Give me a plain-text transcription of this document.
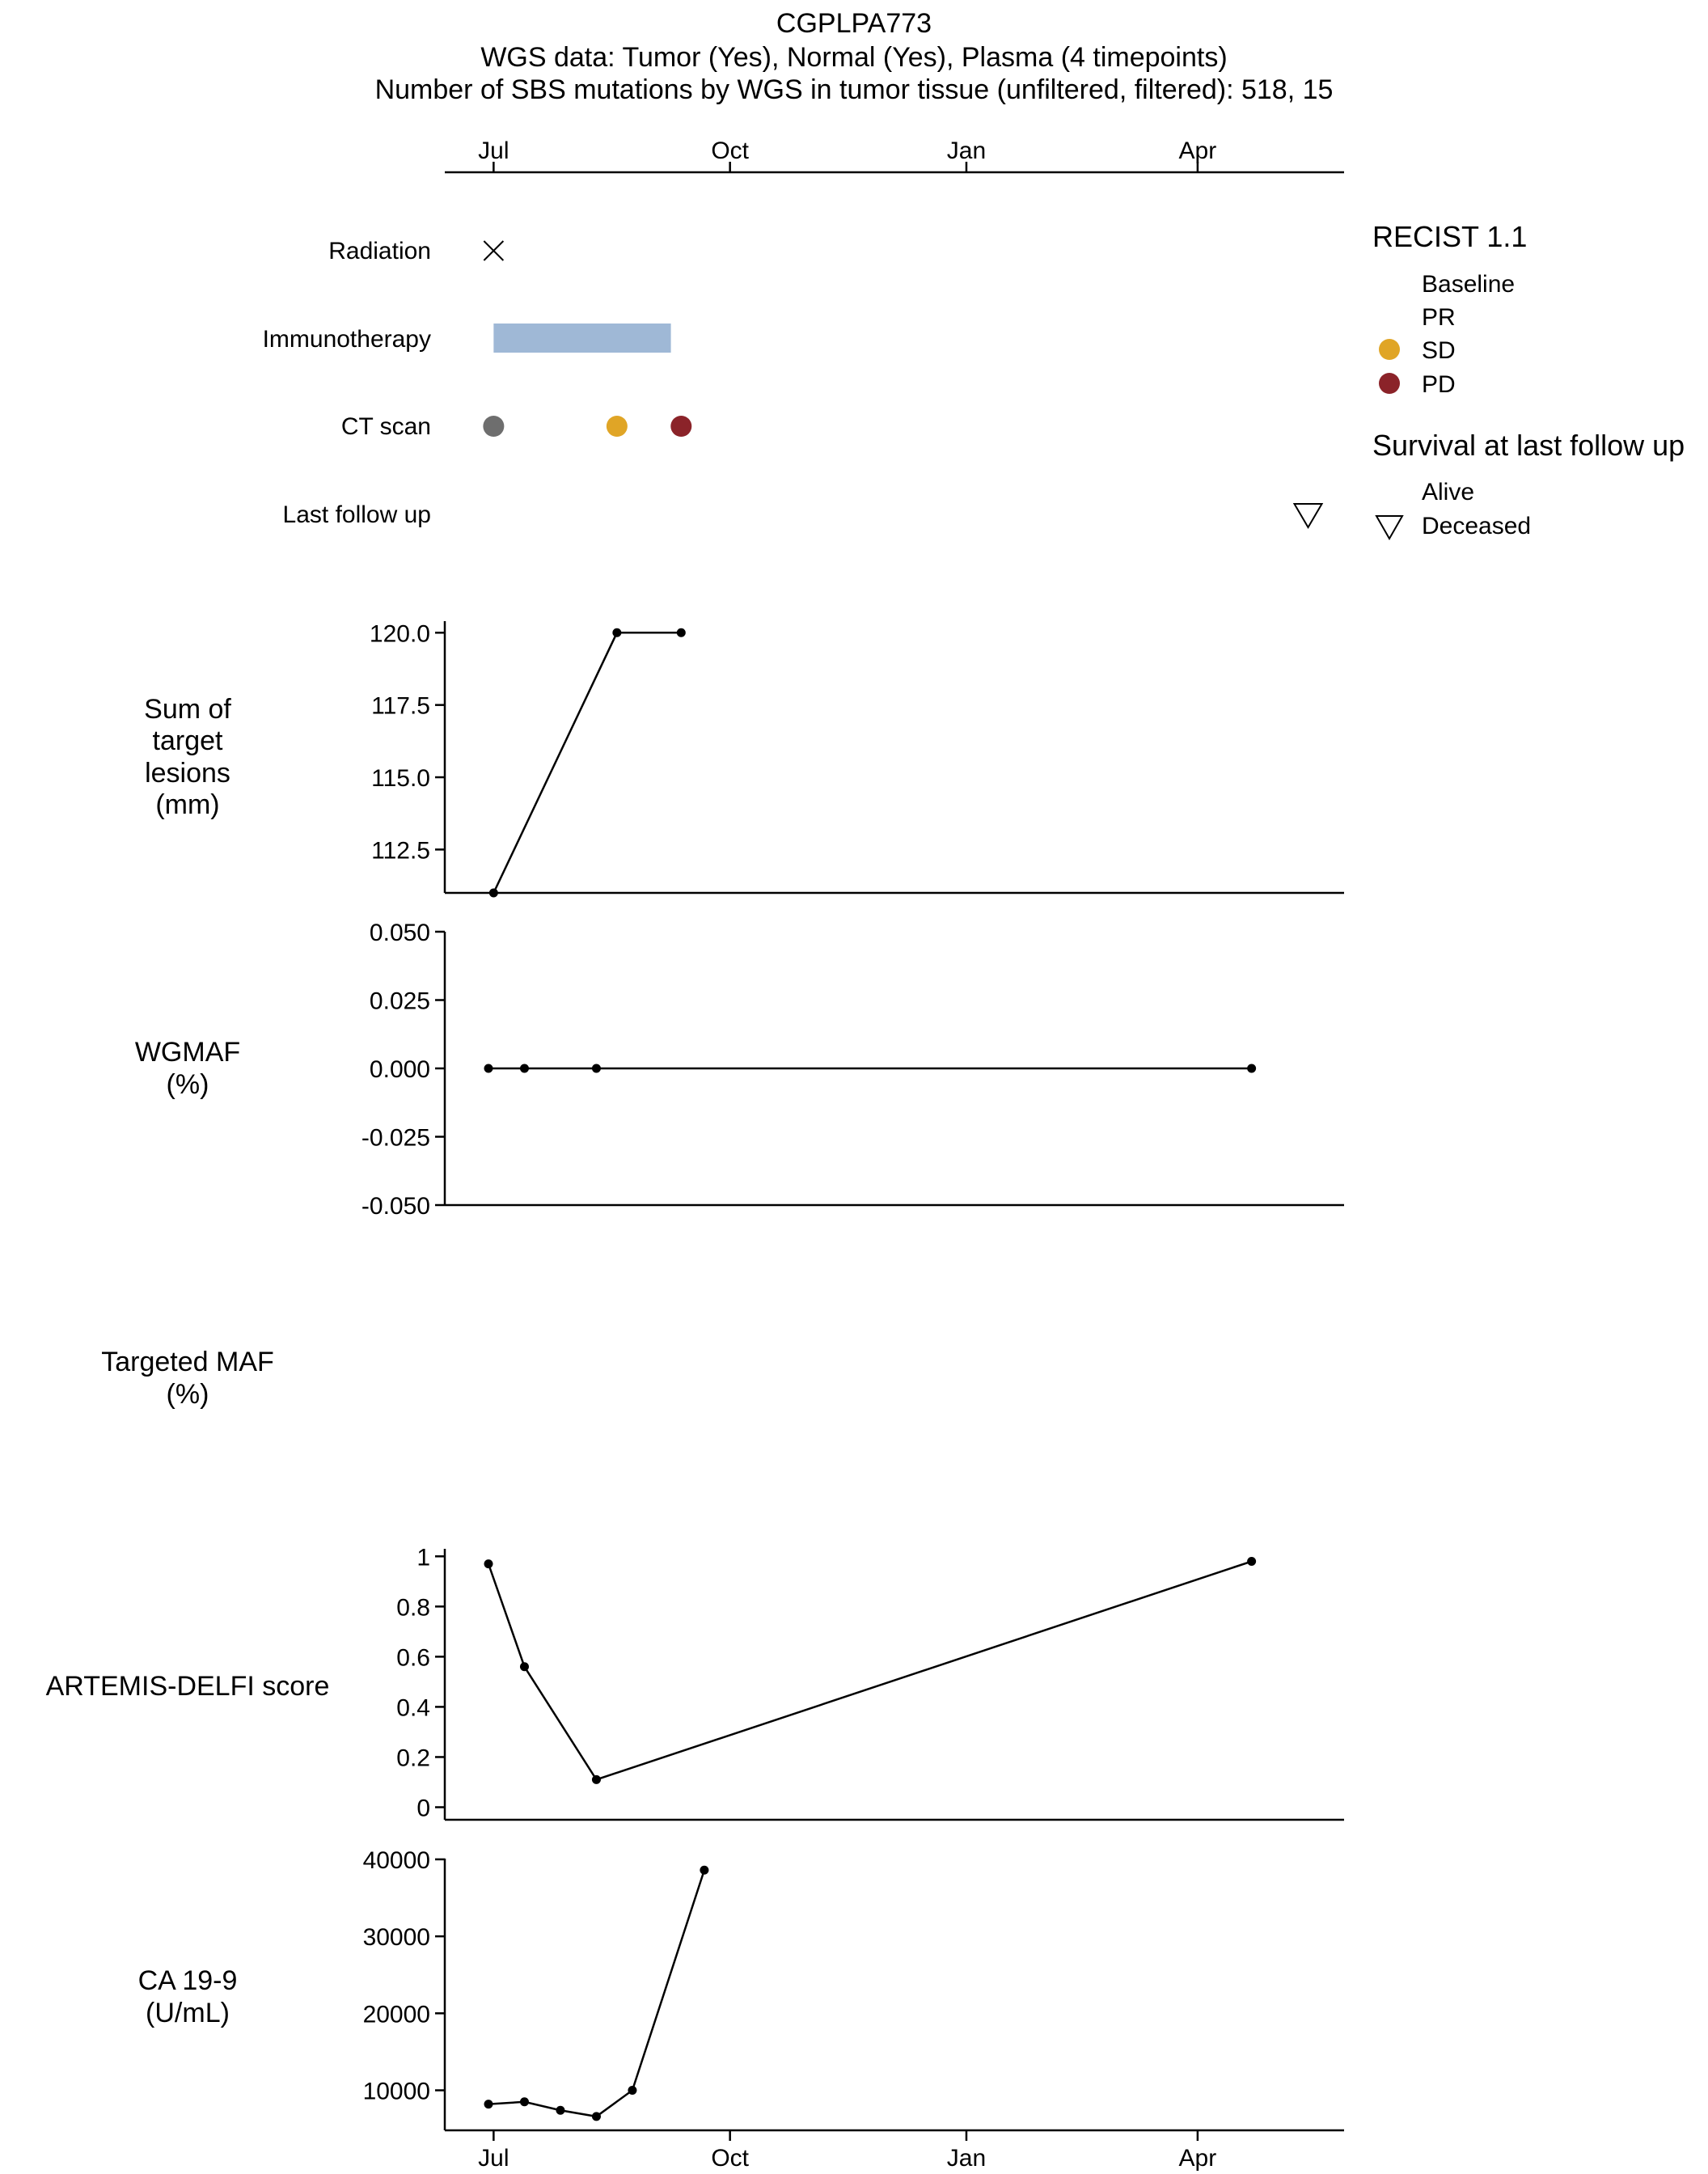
CGPLPA773
WGS data: Tumor (Yes), Normal (Yes), Plasma (4 timepoints)
Number of SBS mutations by WGS in tumor tissue (unfiltered, filtered): 518, 15
Jul	Oct	Jan	Apr
Radiation
Immunotherapy
CT scan
Last follow up
RECIST 1.1
Baseline
PR
SD
PD
Survival at last follow up
Alive
Deceased
112.5
115.0
117.5
120.0
-0.050
-0.025
0.000
0.025
0.050
0
0.2
0.4
0.6
0.8
1
10000
20000
30000
40000
Sum of
target
lesions
(mm)
WGMAF
(%)
Targeted MAF
(%)
ARTEMIS-DELFI score
CA 19-9
(U/mL)
Jul	Oct	Jan	Apr
